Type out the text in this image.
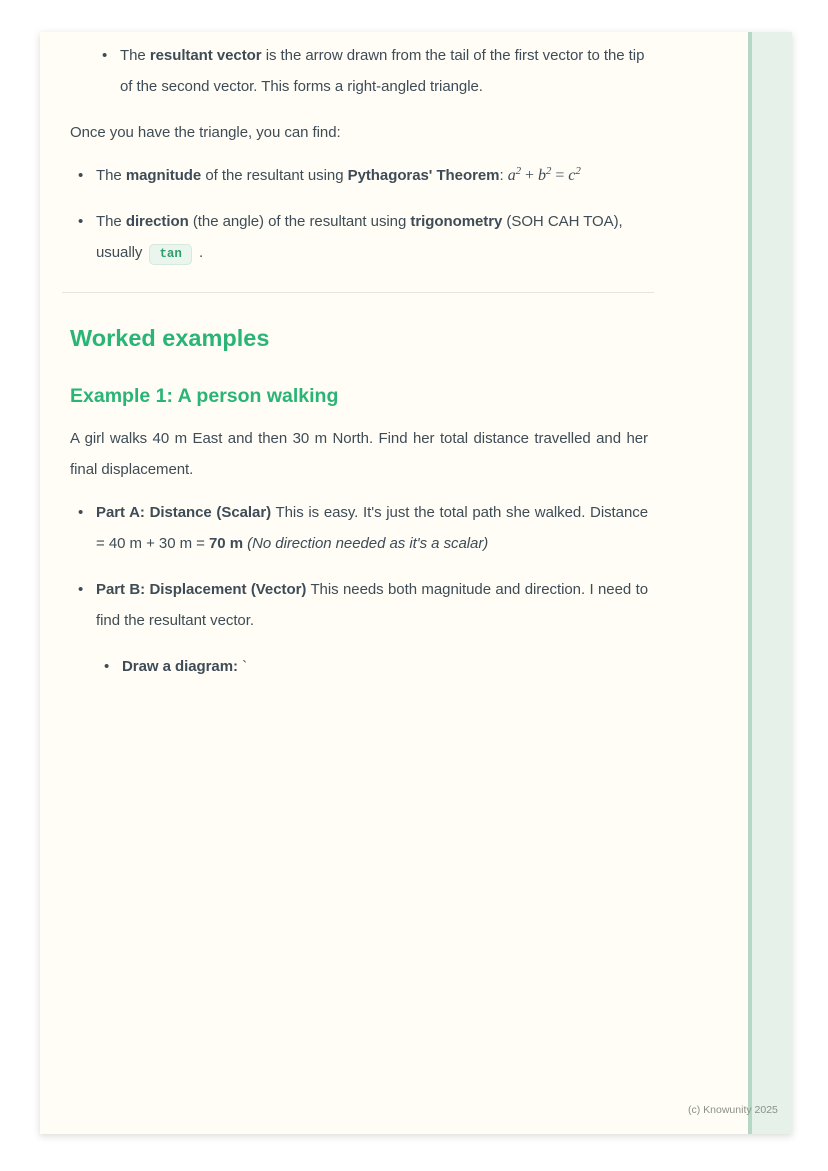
• The resultant vector is the arrow drawn from the tail of the first vector to the tip of the second vector. This forms a right-angled triangle.

Once you have the triangle, you can find:

• The magnitude of the resultant using Pythagoras' Theorem: $a^2 + b^2 = c^2$
• The direction (the angle) of the resultant using trigonometry (SOH CAH TOA), usually tan .
Worked examples
Example 1: A person walking

A girl walks 40 m East and then 30 m North. Find her total distance travelled and her final displacement.

• Part A: Distance (Scalar) This is easy. It's just the total path she walked. Distance = 40 m + 30 m = 70 m (No direction needed as it's a scalar)
• Part B: Displacement (Vector) This needs both magnitude and direction. I need to find the resultant vector.
• Draw a diagram: `
(c) Knowunity 2025
